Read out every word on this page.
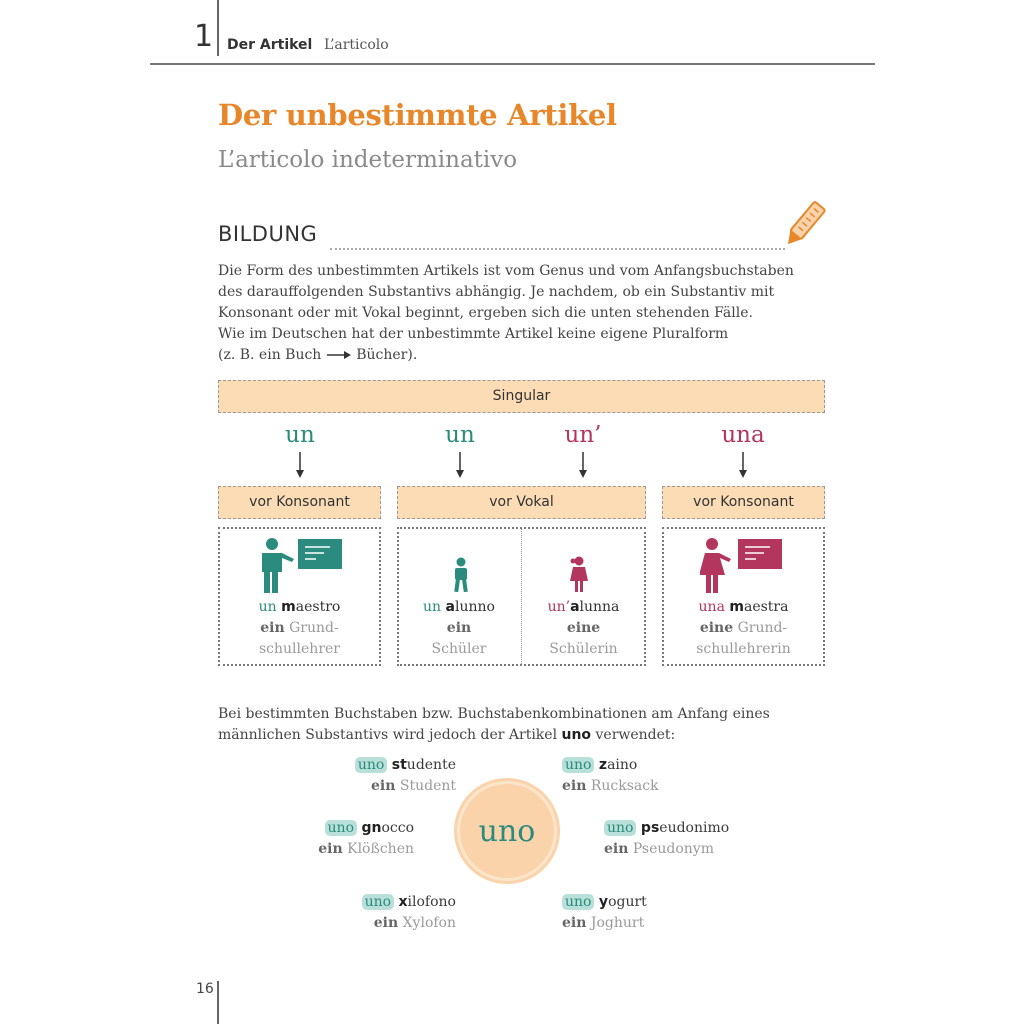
1 Der Artikel L’articolo
Der unbestimmte Artikel
L’articolo indeterminativo
BILDUNG

Die Form des unbestimmten Artikels ist vom Genus und vom Anfangsbuchstaben

des darauffolgenden Substantivs abhängig. Je nachdem, ob ein Substantiv mit

Konsonant oder mit Vokal beginnt, ergeben sich die unten stehenden Fälle.

Wie im Deutschen hat der unbestimmte Artikel keine eigene Pluralform

(z. B. ein Buch Bücher).

Singular
un	un	un’	una
vor Konsonant	vor Vokal	vor Konsonant
un maestro
ein Grund-
schullehrer
un alunno
ein
Schüler
un’alunna
eine
Schülerin
una maestra
eine Grund-
schullehrerin
Bei bestimmten Buchstaben bzw. Buchstabenkombinationen am Anfang eines
männlichen Substantivs wird jedoch der Artikel uno verwendet:
uno
uno studente
ein Student
uno zaino
ein Rucksack
uno gnocco
ein Klößchen
uno pseudonimo
ein Pseudonym
uno xilofono
ein Xylofon
uno yogurt
ein Joghurt
16
